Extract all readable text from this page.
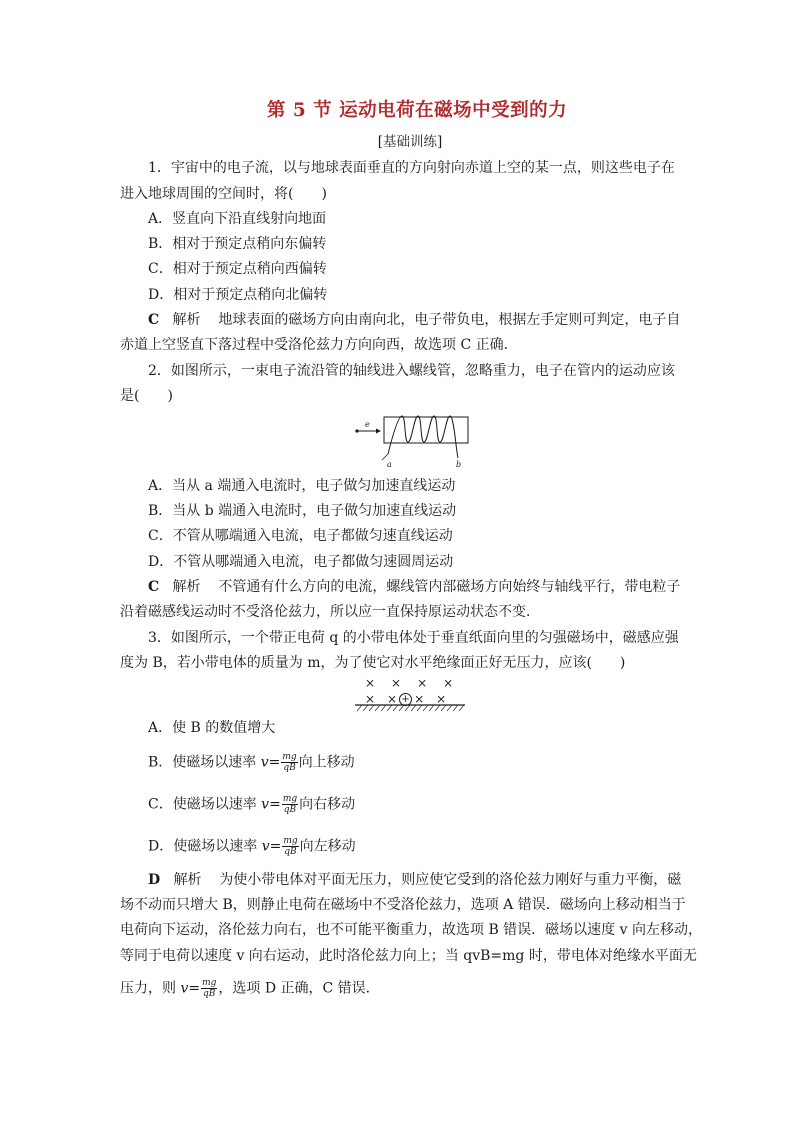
第 5 节 运动电荷在磁场中受到的力
[基础训练]
1．宇宙中的电子流，以与地球表面垂直的方向射向赤道上空的某一点，则这些电子在
进入地球周围的空间时，将(　　)
A．竖直向下沿直线射向地面
B．相对于预定点稍向东偏转
C．相对于预定点稍向西偏转
D．相对于预定点稍向北偏转
C 解析 地球表面的磁场方向由南向北，电子带负电，根据左手定则可判定，电子自
赤道上空竖直下落过程中受洛伦兹力方向向西，故选项 C 正确．
2．如图所示，一束电子流沿管的轴线进入螺线管，忽略重力，电子在管内的运动应该
是(　　)
e
a	b
A．当从 a 端通入电流时，电子做匀加速直线运动
B．当从 b 端通入电流时，电子做匀加速直线运动
C．不管从哪端通入电流，电子都做匀速直线运动
D．不管从哪端通入电流，电子都做匀速圆周运动
C 解析 不管通有什么方向的电流，螺线管内部磁场方向始终与轴线平行，带电粒子
沿着磁感线运动时不受洛伦兹力，所以应一直保持原运动状态不变．
3．如图所示，一个带正电荷 q 的小带电体处于垂直纸面向里的匀强磁场中，磁感应强
度为 B，若小带电体的质量为 m，为了使它对水平绝缘面正好无压力，应该(　　)
×　×　×　×
×　× + ×　×
A．使 B 的数值增大
B．使磁场以速率 $v= \frac{mg}{qB}$ 向上移动
C．使磁场以速率 $v= \frac{mg}{qB}$ 向右移动
D．使磁场以速率 $v= \frac{mg}{qB}$ 向左移动
D 解析 为使小带电体对平面无压力，则应使它受到的洛伦兹力刚好与重力平衡，磁
场不动而只增大 B，则静止电荷在磁场中不受洛伦兹力，选项 A 错误．磁场向上移动相当于
电荷向下运动，洛伦兹力向右，也不可能平衡重力，故选项 B 错误．磁场以速度 v 向左移动，
等同于电荷以速度 v 向右运动，此时洛伦兹力向上；当 qvB=mg 时，带电体对绝缘水平面无
压力，则 $v= \frac{mg}{qB}$ ，选项 D 正确，C 错误．
